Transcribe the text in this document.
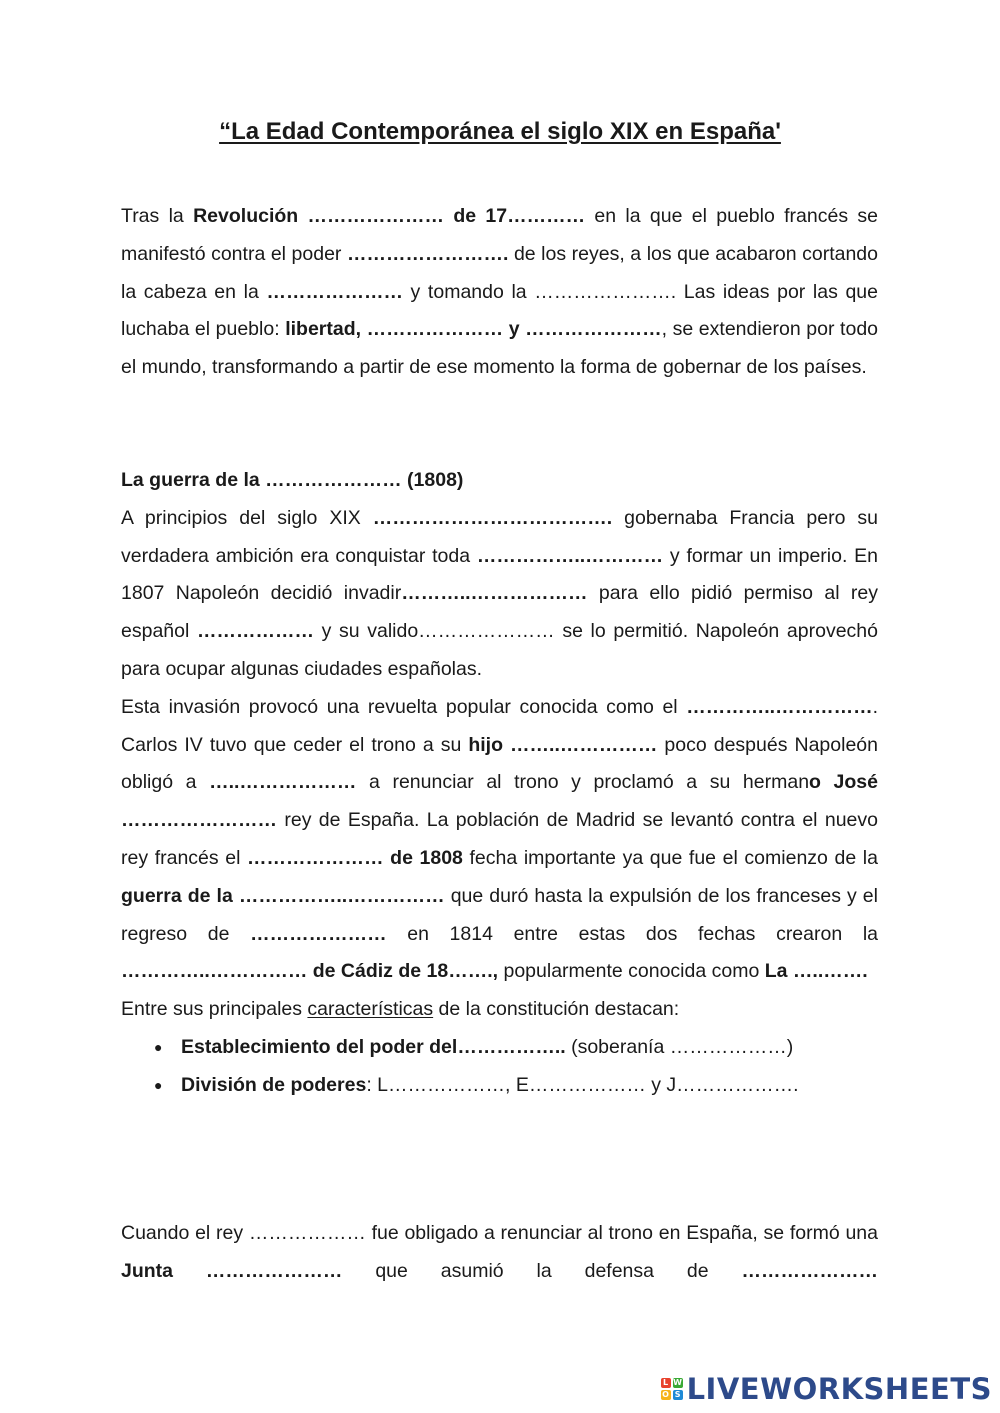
“La Edad Contemporánea el siglo XIX en España'

Tras la Revolución ………………… de 17………… en la que el pueblo francés se manifestó contra el poder ……………………. de los reyes, a los que acabaron cortando la cabeza en la ………………… y tomando la …………………. Las ideas por las que luchaba el pueblo: libertad, ………………… y …………………, se extendieron por todo el mundo, transformando a partir de ese momento la forma de gobernar de los países.

La guerra de la ………………… (1808)

A principios del siglo XIX ………………………………. gobernaba Francia pero su verdadera ambición era conquistar toda ……………..………… y formar un imperio. En 1807 Napoleón decidió invadir………..……………… para ello pidió permiso al rey español ……………… y su valido………………… se lo permitió. Napoleón aprovechó para ocupar algunas ciudades españolas.

Esta invasión provocó una revuelta popular conocida como el …………..……………. Carlos IV tuvo que ceder el trono a su hijo ……..…………… poco después Napoleón obligó a …..……………… a renunciar al trono y proclamó a su hermano José …………………… rey de España. La población de Madrid se levantó contra el nuevo rey francés el ………………… de 1808 fecha importante ya que fue el comienzo de la guerra de la ……………..…………… que duró hasta la expulsión de los franceses y el regreso de ………………… en 1814 entre estas dos fechas crearon la …………..…………… de Cádiz de 18……., popularmente conocida como La …..…….

Entre sus principales características de la constitución destacan:

● Establecimiento del poder del…………….. (soberanía ………………)
● División de poderes: L………………, E……………… y J……………….

Cuando el rey ……………… fue obligado a renunciar al trono en España, se formó una Junta ………………… que asumió la defensa de …………………

L W
O S LIVEWORKSHEETS
